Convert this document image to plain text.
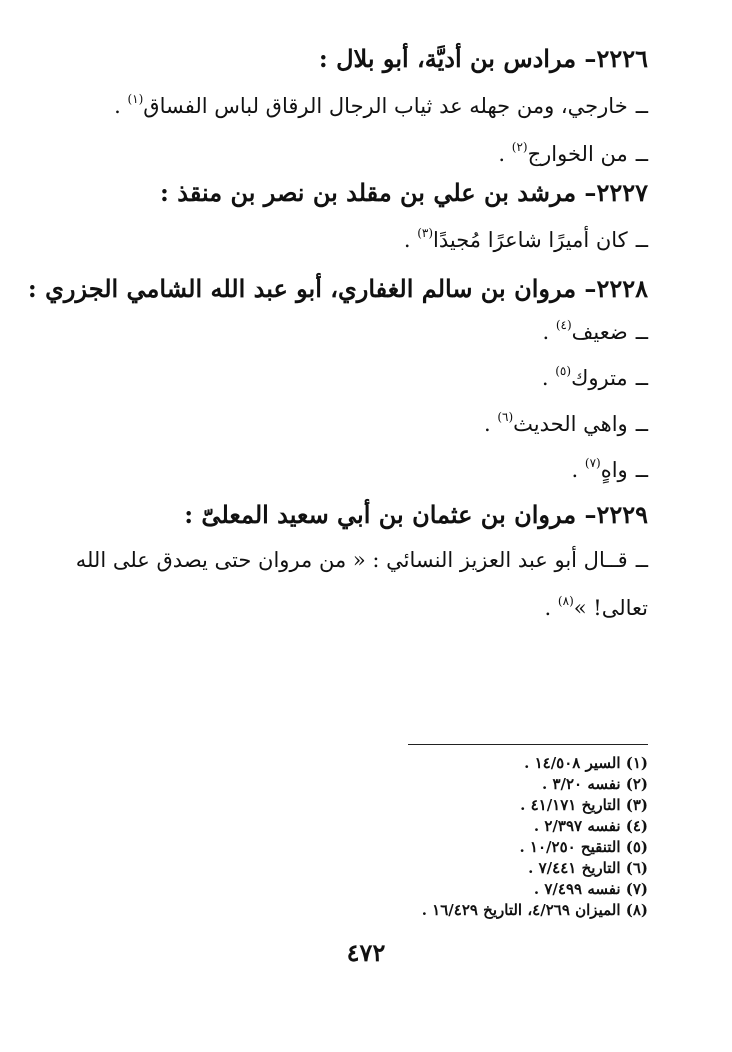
٢٢٢٦– مرادس بن أديَّة، أبو بلال :
ــخارجي، ومن جهله عد ثياب الرجال الرقاق لباس الفساق$^{(١)}$ .
ــمن الخوارج$^{(٢)}$ .
٢٢٢٧– مرشد بن علي بن مقلد بن نصر بن منقذ :
ــكان أميرًا شاعرًا مُجيدًا$^{(٣)}$ .
٢٢٢٨– مروان بن سالم الغفاري، أبو عبد الله الشامي الجزري :
ــضعيف$^{(٤)}$ .
ــمتروك$^{(٥)}$ .
ــواهي الحديث$^{(٦)}$ .
ــواهٍ$^{(٧)}$ .
٢٢٢٩– مروان بن عثمان بن أبي سعيد المعلىّ :
ــقــال أبو عبد العزيز النسائي : « من مروان حتى يصدق على الله
تعالى! »$^{(٨)}$ .
(١) السير ١٤/٥٠٨ .
(٢) نفسه ٣/٢٠ .
(٣) التاريخ ٤١/١٧١ .
(٤) نفسه ٢/٣٩٧ .
(٥) التنقيح ١٠/٢٥٠ .
(٦) التاريخ ٧/٤٤١ .
(٧) نفسه ٧/٤٩٩ .
(٨) الميزان ٤/٢٦٩، التاريخ ١٦/٤٢٩ .
٤٧٢
